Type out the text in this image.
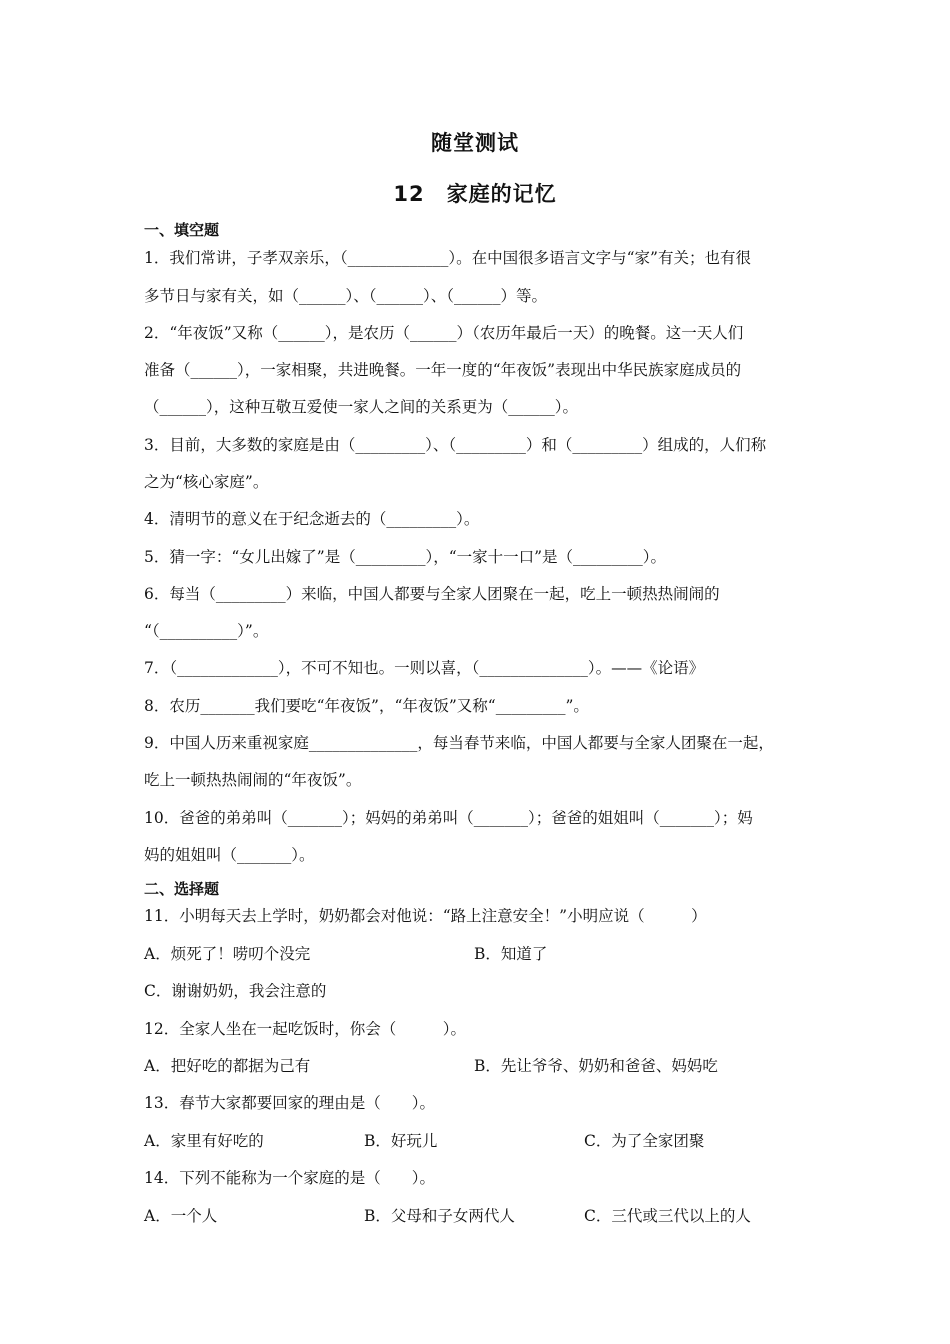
随堂测试
12　家庭的记忆
一、填空题
1．我们常讲，子孝双亲乐，（_____________）。在中国很多语言文字与“家”有关；也有很
多节日与家有关，如（______）、（______）、（______）等。
2．“年夜饭”又称（______），是农历（______）（农历年最后一天）的晚餐。这一天人们
准备（______），一家相聚，共进晚餐。一年一度的“年夜饭”表现出中华民族家庭成员的
（______），这种互敬互爱使一家人之间的关系更为（______）。
3．目前，大多数的家庭是由（_________）、（_________）和（_________）组成的，人们称
之为“核心家庭”。
4．清明节的意义在于纪念逝去的（_________）。
5．猜一字：“女儿出嫁了”是（_________），“一家十一口”是（_________）。
6．每当（_________）来临，中国人都要与全家人团聚在一起，吃上一顿热热闹闹的
“（__________）”。
7．（_____________），不可不知也。一则以喜，（______________）。——《论语》
8．农历_______我们要吃“年夜饭”，“年夜饭”又称“_________”。
9．中国人历来重视家庭______________，每当春节来临，中国人都要与全家人团聚在一起，
吃上一顿热热闹闹的“年夜饭”。
10．爸爸的弟弟叫（_______）；妈妈的弟弟叫（_______）；爸爸的姐姐叫（_______）；妈
妈的姐姐叫（_______）。
二、选择题
11．小明每天去上学时，奶奶都会对他说：“路上注意安全！”小明应说（　　　）
A．烦死了！唠叨个没完	B．知道了
C．谢谢奶奶，我会注意的
12．全家人坐在一起吃饭时，你会（　　　）。
A．把好吃的都据为己有	B．先让爷爷、奶奶和爸爸、妈妈吃
13．春节大家都要回家的理由是（　　）。
A．家里有好吃的	B．好玩儿	C．为了全家团聚
14．下列不能称为一个家庭的是（　　）。
A．一个人	B．父母和子女两代人	C．三代或三代以上的人
